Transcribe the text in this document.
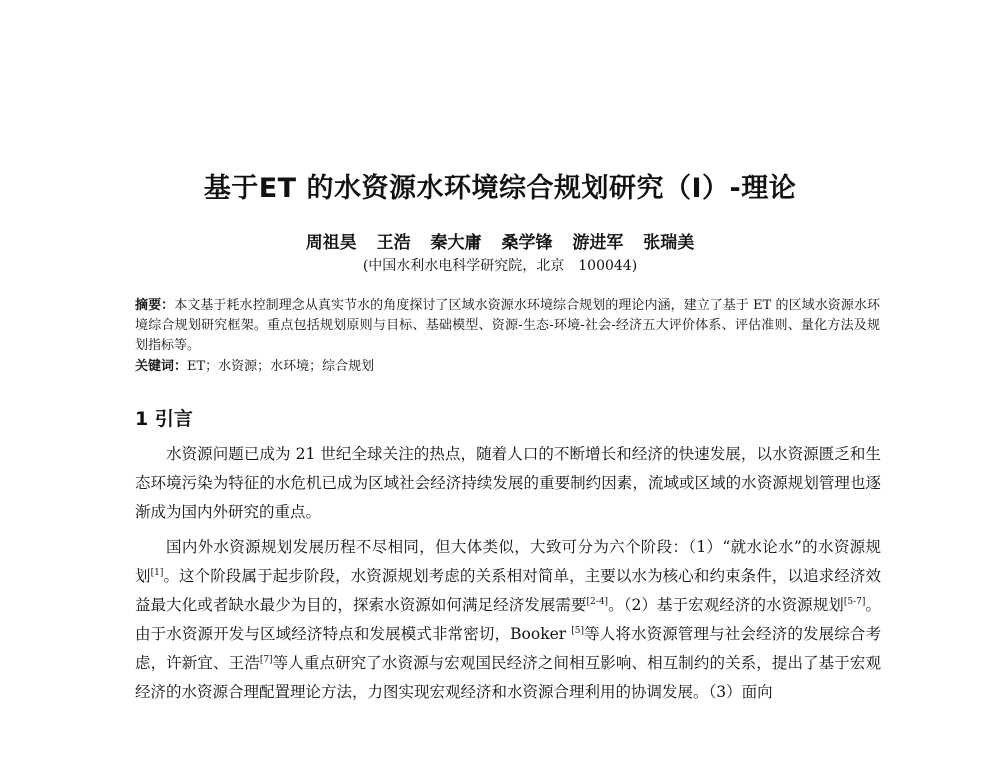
基于ET 的水资源水环境综合规划研究（I）-理论
周祖昊 王浩 秦大庸 桑学锋 游进军 张瑞美
(中国水利水电科学研究院，北京　100044)
摘要：本文基于耗水控制理念从真实节水的角度探讨了区域水资源水环境综合规划的理论内涵，建立了基于 ET 的区域水资源水环境综合规划研究框架。重点包括规划原则与目标、基础模型、资源-生态-环境-社会-经济五大评价体系、评估准则、量化方法及规划指标等。
关键词：ET；水资源；水环境；综合规划
1 引言

水资源问题已成为 21 世纪全球关注的热点，随着人口的不断增长和经济的快速发展，以水资源匮乏和生态环境污染为特征的水危机已成为区域社会经济持续发展的重要制约因素，流域或区域的水资源规划管理也逐渐成为国内外研究的重点。

国内外水资源规划发展历程不尽相同，但大体类似，大致可分为六个阶段：（1）“就水论水”的水资源规划[1]。这个阶段属于起步阶段，水资源规划考虑的关系相对简单，主要以水为核心和约束条件，以追求经济效益最大化或者缺水最少为目的，探索水资源如何满足经济发展需要[2-4]。（2）基于宏观经济的水资源规划[5-7]。由于水资源开发与区域经济特点和发展模式非常密切，Booker [5]等人将水资源管理与社会经济的发展综合考虑，许新宜、王浩[7]等人重点研究了水资源与宏观国民经济之间相互影响、相互制约的关系，提出了基于宏观经济的水资源合理配置理论方法，力图实现宏观经济和水资源合理利用的协调发展。（3）面向
